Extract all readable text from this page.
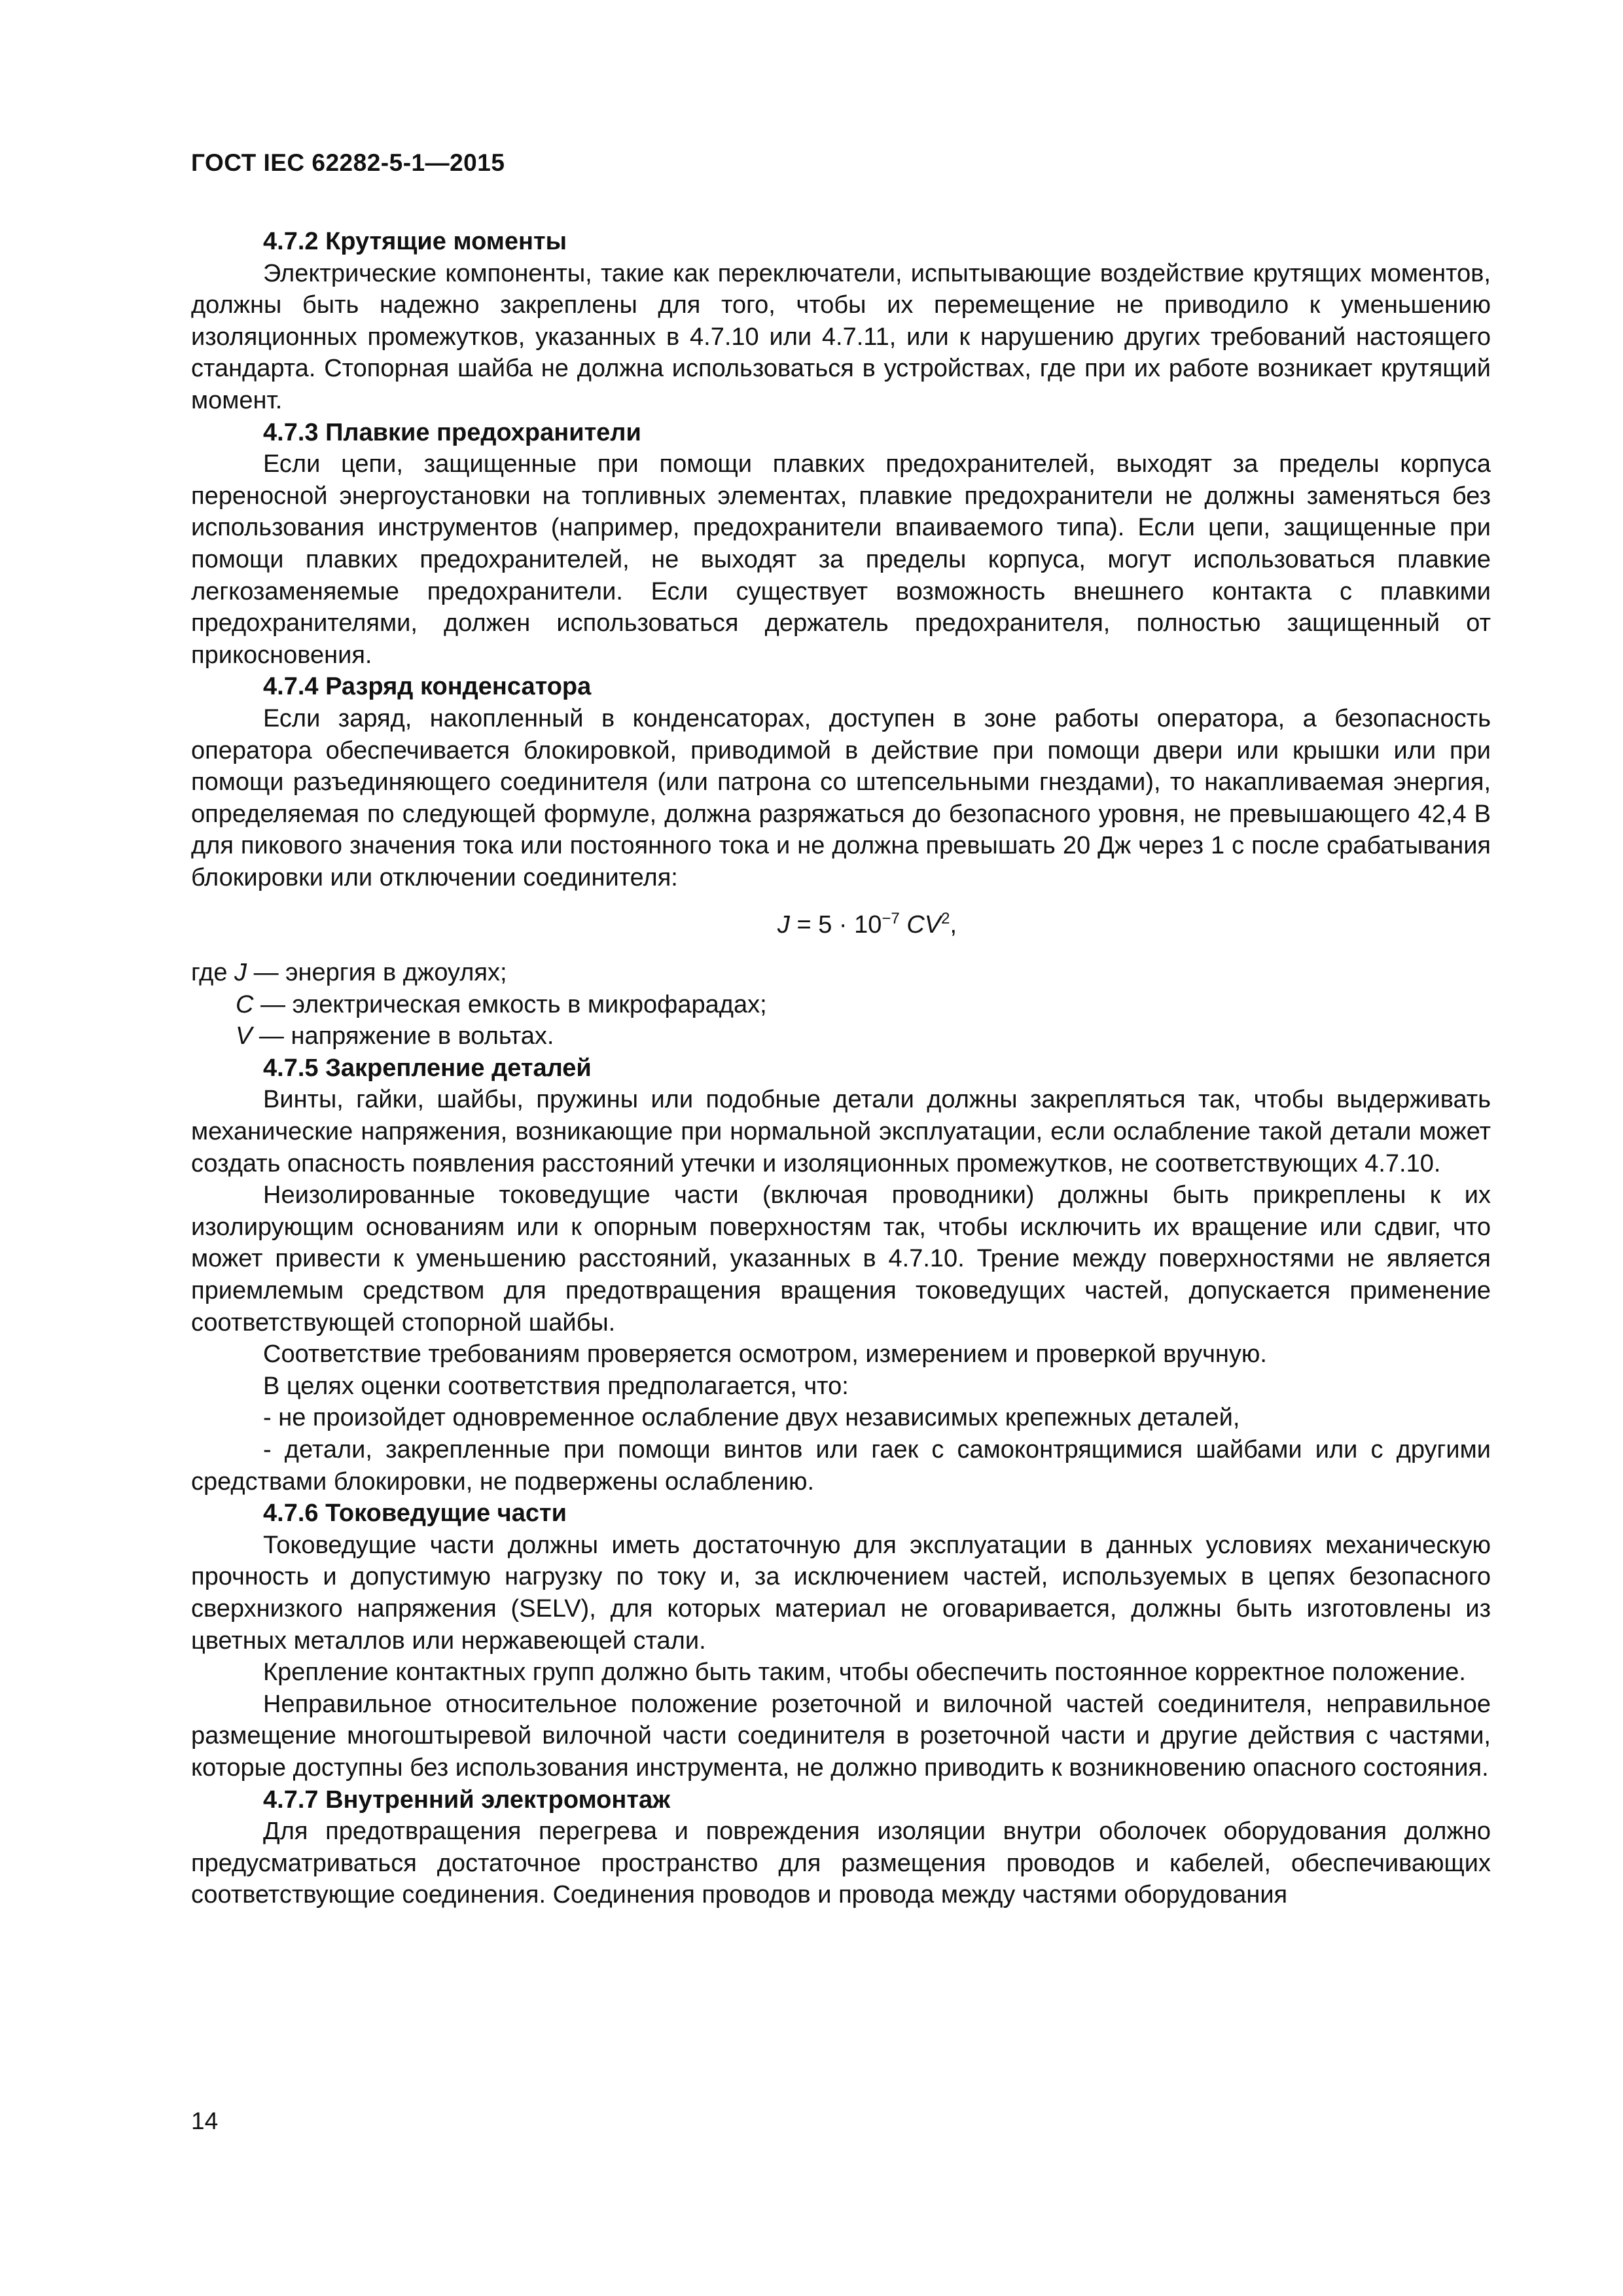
ГОСТ IEC 62282-5-1—2015

4.7.2 Крутящие моменты

Электрические компоненты, такие как переключатели, испытывающие воздействие крутящих моментов, должны быть надежно закреплены для того, чтобы их перемещение не приводило к уменьшению изоляционных промежутков, указанных в 4.7.10 или 4.7.11, или к нарушению других требований настоящего стандарта. Стопорная шайба не должна использоваться в устройствах, где при их работе возникает крутящий момент.

4.7.3 Плавкие предохранители

Если цепи, защищенные при помощи плавких предохранителей, выходят за пределы корпуса переносной энергоустановки на топливных элементах, плавкие предохранители не должны заменяться без использования инструментов (например, предохранители впаиваемого типа). Если цепи, защищенные при помощи плавких предохранителей, не выходят за пределы корпуса, могут использоваться плавкие легкозаменяемые предохранители. Если существует возможность внешнего контакта с плавкими предохранителями, должен использоваться держатель предохранителя, полностью защищенный от прикосновения.

4.7.4 Разряд конденсатора

Если заряд, накопленный в конденсаторах, доступен в зоне работы оператора, а безопасность оператора обеспечивается блокировкой, приводимой в действие при помощи двери или крышки или при помощи разъединяющего соединителя (или патрона со штепсельными гнездами), то накапливаемая энергия, определяемая по следующей формуле, должна разряжаться до безопасного уровня, не превышающего 42,4 В для пикового значения тока или постоянного тока и не должна превышать 20 Дж через 1 с после срабатывания блокировки или отключении соединителя:

$J = 5 \cdot 10^{-7}$ $CV^2$,

где J — энергия в джоулях;

C — электрическая емкость в микрофарадах;

V — напряжение в вольтах.

4.7.5 Закрепление деталей

Винты, гайки, шайбы, пружины или подобные детали должны закрепляться так, чтобы выдерживать механические напряжения, возникающие при нормальной эксплуатации, если ослабление такой детали может создать опасность появления расстояний утечки и изоляционных промежутков, не соответствующих 4.7.10.

Неизолированные токоведущие части (включая проводники) должны быть прикреплены к их изолирующим основаниям или к опорным поверхностям так, чтобы исключить их вращение или сдвиг, что может привести к уменьшению расстояний, указанных в 4.7.10. Трение между поверхностями не является приемлемым средством для предотвращения вращения токоведущих частей, допускается применение соответствующей стопорной шайбы.

Соответствие требованиям проверяется осмотром, измерением и проверкой вручную.

В целях оценки соответствия предполагается, что:

- не произойдет одновременное ослабление двух независимых крепежных деталей,

- детали, закрепленные при помощи винтов или гаек с самоконтрящимися шайбами или с другими средствами блокировки, не подвержены ослаблению.

4.7.6 Токоведущие части

Токоведущие части должны иметь достаточную для эксплуатации в данных условиях механическую прочность и допустимую нагрузку по току и, за исключением частей, используемых в цепях безопасного сверхнизкого напряжения (SELV), для которых материал не оговаривается, должны быть изготовлены из цветных металлов или нержавеющей стали.

Крепление контактных групп должно быть таким, чтобы обеспечить постоянное корректное положение.

Неправильное относительное положение розеточной и вилочной частей соединителя, неправильное размещение многоштыревой вилочной части соединителя в розеточной части и другие действия с частями, которые доступны без использования инструмента, не должно приводить к возникновению опасного состояния.

4.7.7 Внутренний электромонтаж

Для предотвращения перегрева и повреждения изоляции внутри оболочек оборудования должно предусматриваться достаточное пространство для размещения проводов и кабелей, обеспечивающих соответствующие соединения. Соединения проводов и провода между частями оборудования

14
